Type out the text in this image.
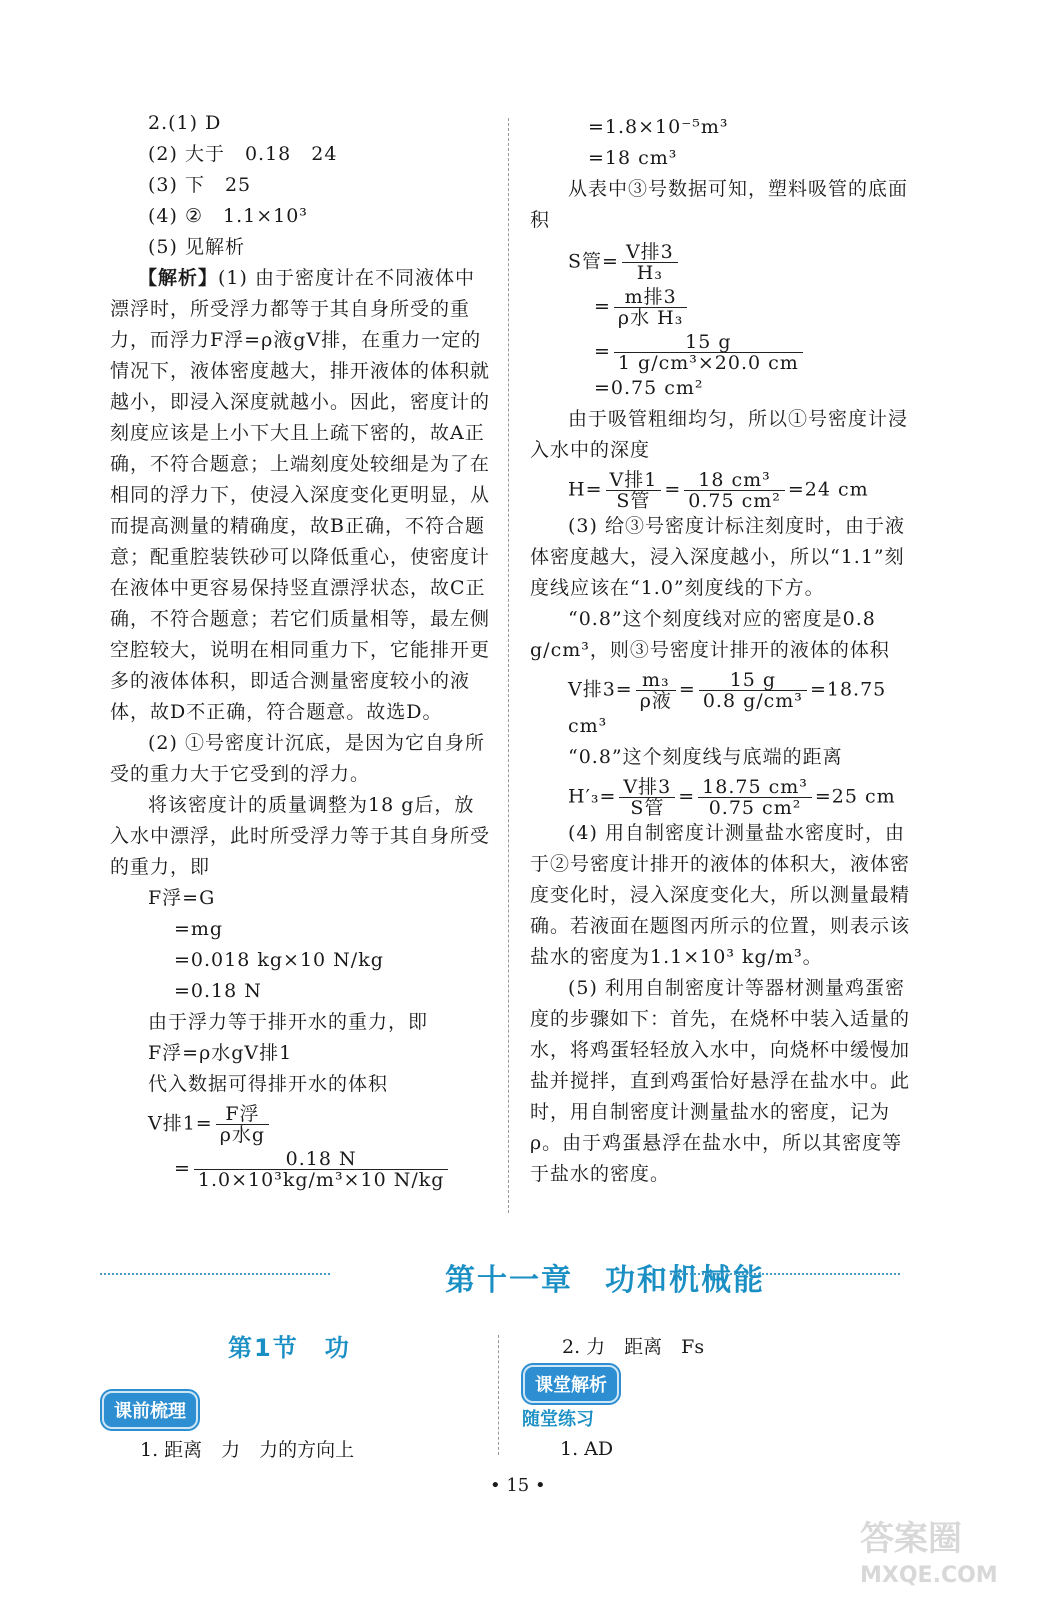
2.(1) D

(2) 大于　0.18　24

(3) 下　25

(4) ②　1.1×10³

(5) 见解析

【解析】(1) 由于密度计在不同液体中漂浮时，所受浮力都等于其自身所受的重力，而浮力F浮=ρ液gV排，在重力一定的情况下，液体密度越大，排开液体的体积就越小，即浸入深度就越小。因此，密度计的刻度应该是上小下大且上疏下密的，故A正确，不符合题意；上端刻度处较细是为了在相同的浮力下，使浸入深度变化更明显，从而提高测量的精确度，故B正确，不符合题意；配重腔装铁砂可以降低重心，使密度计在液体中更容易保持竖直漂浮状态，故C正确，不符合题意；若它们质量相等，最左侧空腔较大，说明在相同重力下，它能排开更多的液体体积，即适合测量密度较小的液体，故D不正确，符合题意。故选D。

(2) ①号密度计沉底，是因为它自身所受的重力大于它受到的浮力。

将该密度计的质量调整为18 g后，放入水中漂浮，此时所受浮力等于其自身所受的重力，即

F浮=G

=mg

=0.018 kg×10 N/kg

=0.18 N

由于浮力等于排开水的重力，即

F浮=ρ水gV排1

代入数据可得排开水的体积

V排$1= \frac{\text{F浮}}{\text{ρ水g}}$

= $\frac{0.18 N}{\text{1.0×10³kg/m³×10 N/kg}}$

=1.8×10⁻⁵m³

=18 cm³

从表中③号数据可知，塑料吸管的底面积

S管= $\frac{\text{V排3}}{\text{H₃}}$

= $\frac{\text{m排3}}{\text{ρ水 H₃}}$

= $\frac{15 g}{\text{1 g/cm³×20.0 cm}}$

=0.75 cm²

由于吸管粗细均匀，所以①号密度计浸入水中的深度

$H= \frac{\text{V排1}}{\text{S管}} = \frac{\text{18 cm³}}{\text{0.75 cm²}} =24$ cm

(3) 给③号密度计标注刻度时，由于液体密度越大，浸入深度越小，所以“1.1”刻度线应该在“1.0”刻度线的下方。

“0.8”这个刻度线对应的密度是0.8 g/cm³，则③号密度计排开的液体的体积

V排$3= \frac{\text{m₃}}{\text{ρ液}} = \frac{15 g}{\text{0.8 g/cm³}} =18.75$ cm³

“0.8”这个刻度线与底端的距离

$H'_3= \frac{\text{V排3}}{\text{S管}} = \frac{\text{18.75 cm³}}{\text{0.75 cm²}} =25$ cm

(4) 用自制密度计测量盐水密度时，由于②号密度计排开的液体的体积大，液体密度变化时，浸入深度变化大，所以测量最精确。若液面在题图丙所示的位置，则表示该盐水的密度为1.1×10³ kg/m³。

(5) 利用自制密度计等器材测量鸡蛋密度的步骤如下：首先，在烧杯中装入适量的水，将鸡蛋轻轻放入水中，向烧杯中缓慢加盐并搅拌，直到鸡蛋恰好悬浮在盐水中。此时，用自制密度计测量盐水的密度，记为ρ。由于鸡蛋悬浮在盐水中，所以其密度等于盐水的密度。

第十一章　功和机械能
第1节　功
课前梳理
1. 距离　力　力的方向上
2. 力　距离　Fs
课堂解析
随堂练习
1. AD
• 15 •
答案圈
MXQE.COM
